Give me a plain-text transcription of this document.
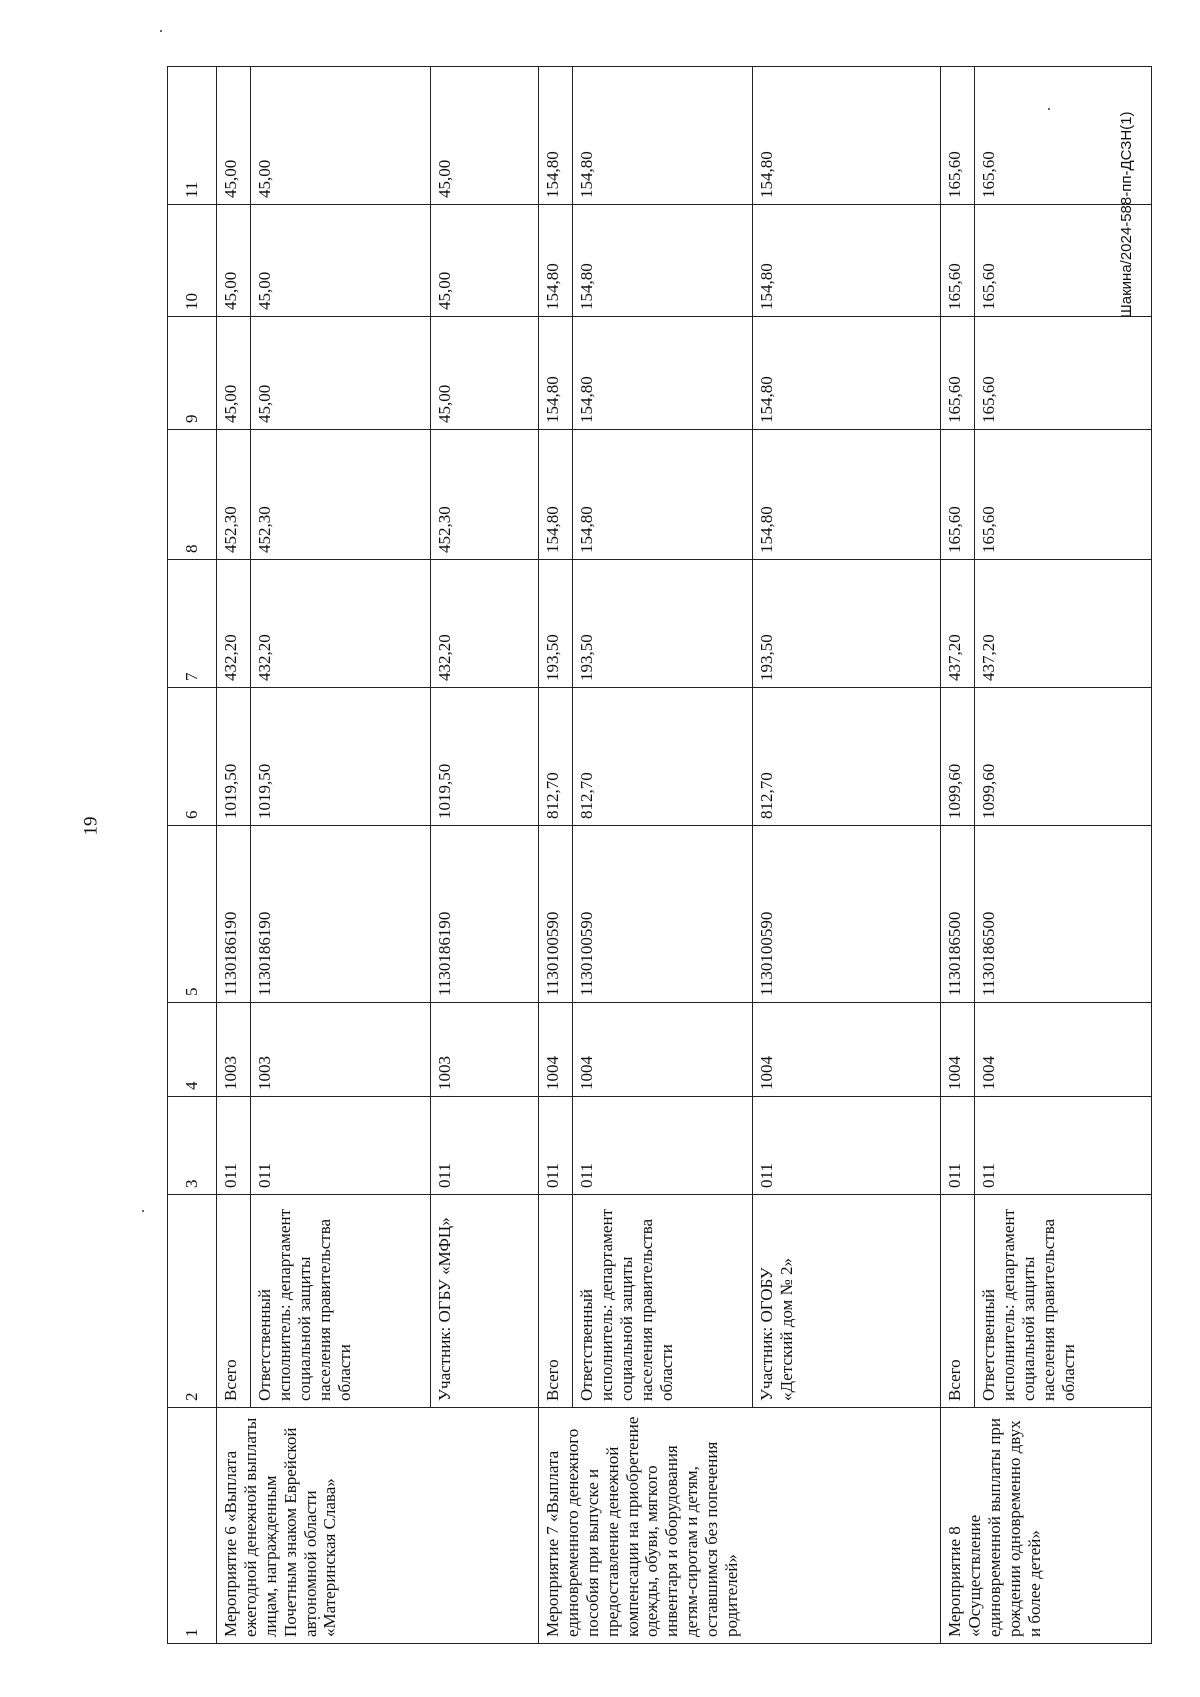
19
Шакина/2024-588-пп-ДСЗН(1)
1	2	3	4	5	6	7	8	9	10	11
Мероприятие 6 «Выплата ежегодной денежной выплаты лицам, награжденным Почетным знаком Еврейской автономной области «Материнская Слава»	Всего	011	1003	1130186190	1019,50	432,20	452,30	45,00	45,00	45,00
	Ответственный исполнитель: департамент социальной защиты населения правительства области	011	1003	1130186190	1019,50	432,20	452,30	45,00	45,00	45,00
	Участник: ОГБУ «МФЦ»	011	1003	1130186190	1019,50	432,20	452,30	45,00	45,00	45,00
Мероприятие 7 «Выплата единовременного денежного пособия при выпуске и предоставление денежной компенсации на приобретение одежды, обуви, мягкого инвентаря и оборудования детям-сиротам и детям, оставшимся без попечения родителей»	Всего	011	1004	1130100590	812,70	193,50	154,80	154,80	154,80	154,80
	Ответственный исполнитель: департамент социальной защиты населения правительства области	011	1004	1130100590	812,70	193,50	154,80	154,80	154,80	154,80
	Участник: ОГОБУ «Детский дом № 2»	011	1004	1130100590	812,70	193,50	154,80	154,80	154,80	154,80
Мероприятие 8 «Осуществление единовременной выплаты при рождении одновременно двух и более детей»	Всего	011	1004	1130186500	1099,60	437,20	165,60	165,60	165,60	165,60
	Ответственный исполнитель: департамент социальной защиты населения правительства области	011	1004	1130186500	1099,60	437,20	165,60	165,60	165,60	165,60
